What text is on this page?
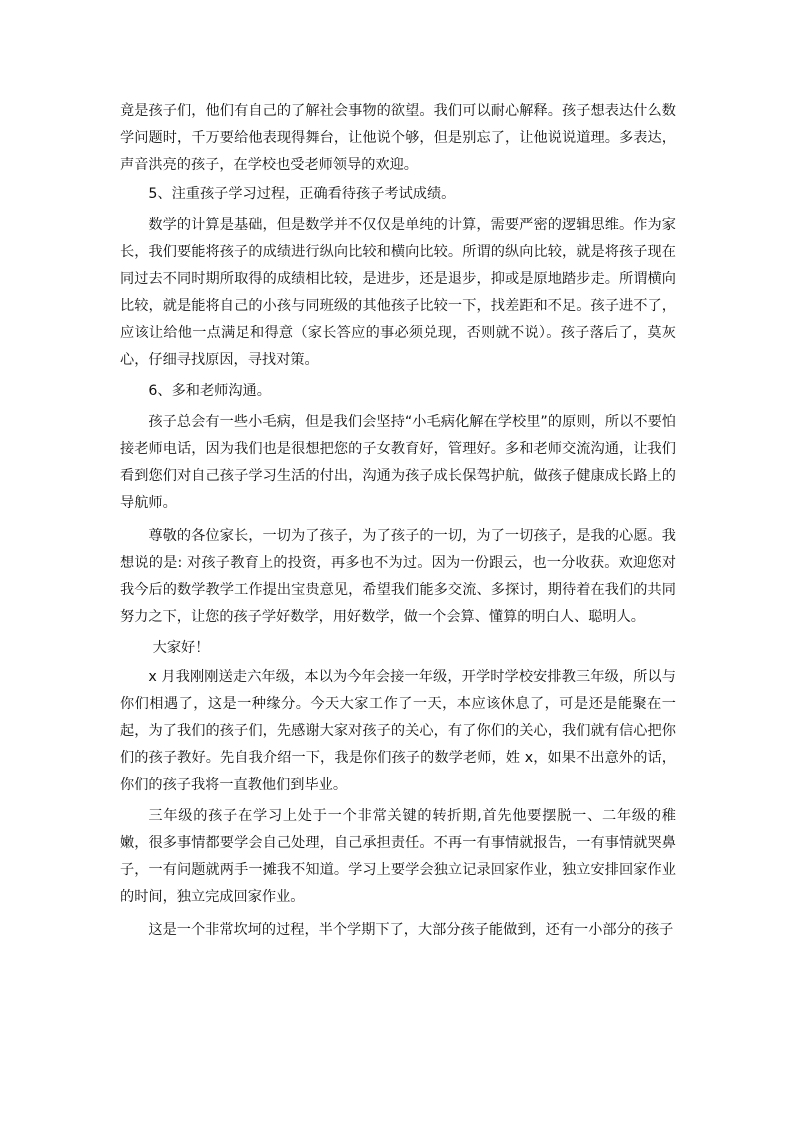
竟是孩子们，他们有自己的了解社会事物的欲望。我们可以耐心解释。孩子想表达什么数学问题时，千万要给他表现得舞台，让他说个够，但是别忘了，让他说说道理。多表达，声音洪亮的孩子，在学校也受老师领导的欢迎。

5、注重孩子学习过程，正确看待孩子考试成绩。

数学的计算是基础，但是数学并不仅仅是单纯的计算，需要严密的逻辑思维。作为家长，我们要能将孩子的成绩进行纵向比较和横向比较。所谓的纵向比较，就是将孩子现在同过去不同时期所取得的成绩相比较，是进步，还是退步，抑或是原地踏步走。所谓横向比较，就是能将自己的小孩与同班级的其他孩子比较一下，找差距和不足。孩子进不了，应该让给他一点满足和得意（家长答应的事必须兑现，否则就不说）。孩子落后了，莫灰心，仔细寻找原因，寻找对策。

6、多和老师沟通。

孩子总会有一些小毛病，但是我们会坚持“小毛病化解在学校里”的原则，所以不要怕接老师电话，因为我们也是很想把您的子女教育好，管理好。多和老师交流沟通，让我们看到您们对自己孩子学习生活的付出，沟通为孩子成长保驾护航，做孩子健康成长路上的导航师。

尊敬的各位家长，一切为了孩子，为了孩子的一切，为了一切孩子，是我的心愿。我想说的是: 对孩子教育上的投资，再多也不为过。因为一份跟云，也一分收获。欢迎您对我今后的数学教学工作提出宝贵意见，希望我们能多交流、多探讨，期待着在我们的共同努力之下，让您的孩子学好数学，用好数学，做一个会算、懂算的明白人、聪明人。

大家好！

x 月我刚刚送走六年级，本以为今年会接一年级，开学时学校安排教三年级，所以与你们相遇了，这是一种缘分。今天大家工作了一天，本应该休息了，可是还是能聚在一起，为了我们的孩子们，先感谢大家对孩子的关心，有了你们的关心，我们就有信心把你们的孩子教好。先自我介绍一下，我是你们孩子的数学老师，姓 x，如果不出意外的话，你们的孩子我将一直教他们到毕业。

三年级的孩子在学习上处于一个非常关键的转折期,首先他要摆脱一、二年级的稚嫩，很多事情都要学会自己处理，自己承担责任。不再一有事情就报告，一有事情就哭鼻子，一有问题就两手一摊我不知道。学习上要学会独立记录回家作业，独立安排回家作业的时间，独立完成回家作业。

这是一个非常坎坷的过程，半个学期下了，大部分孩子能做到，还有一小部分的孩子
